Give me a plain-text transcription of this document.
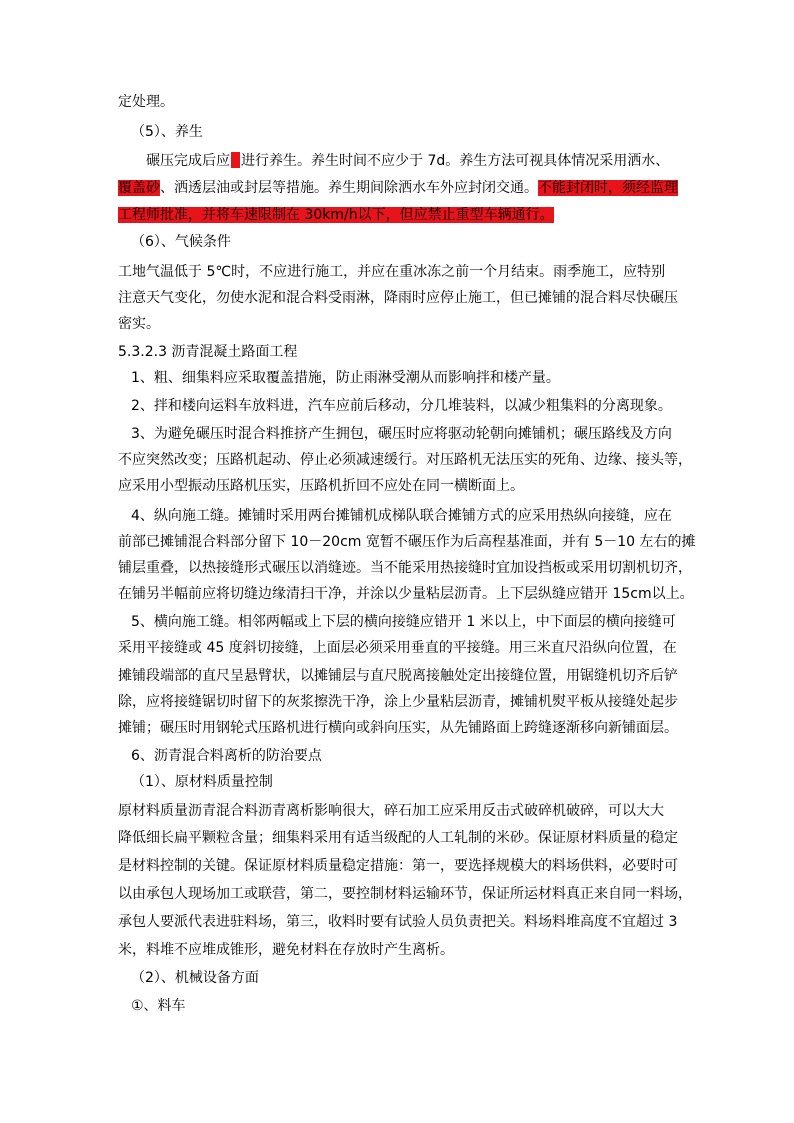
定处理。
（5）、养生
碾压完成后应 进行养生。养生时间不应少于 7d。养生方法可视具体情况采用洒水、
覆盖砂、洒透层油或封层等措施。养生期间除洒水车外应封闭交通。不能封闭时，须经监理
工程师批准，并将车速限制在 30km/h以下，但应禁止重型车辆通行。
（6）、气候条件
工地气温低于 5℃时，不应进行施工，并应在重冰冻之前一个月结束。雨季施工，应特别
注意天气变化，勿使水泥和混合料受雨淋，降雨时应停止施工，但已摊铺的混合料尽快碾压
密实。
5.3.2.3 沥青混凝土路面工程
1、粗、细集料应采取覆盖措施，防止雨淋受潮从而影响拌和楼产量。
2、拌和楼向运料车放料进，汽车应前后移动，分几堆装料，以减少粗集料的分离现象。
3、为避免碾压时混合料推挤产生拥包，碾压时应将驱动轮朝向摊铺机；碾压路线及方向
不应突然改变；压路机起动、停止必须减速缓行。对压路机无法压实的死角、边缘、接头等，
应采用小型振动压路机压实，压路机折回不应处在同一横断面上。
4、纵向施工缝。摊铺时采用两台摊铺机成梯队联合摊铺方式的应采用热纵向接缝，应在
前部已摊铺混合料部分留下 10－20cm 宽暂不碾压作为后高程基准面，并有 5－10 左右的摊
铺层重叠，以热接缝形式碾压以消缝迹。当不能采用热接缝时宜加设挡板或采用切割机切齐，
在铺另半幅前应将切缝边缘清扫干净，并涂以少量粘层沥青。上下层纵缝应错开 15cm以上。
5、横向施工缝。相邻两幅或上下层的横向接缝应错开 1 米以上，中下面层的横向接缝可
采用平接缝或 45 度斜切接缝，上面层必须采用垂直的平接缝。用三米直尺沿纵向位置，在
摊铺段端部的直尺呈悬臂状，以摊铺层与直尺脱离接触处定出接缝位置，用锯缝机切齐后铲
除，应将接缝锯切时留下的灰浆擦洗干净，涂上少量粘层沥青，摊铺机熨平板从接缝处起步
摊铺；碾压时用钢轮式压路机进行横向或斜向压实，从先铺路面上跨缝逐渐移向新铺面层。
6、沥青混合料离析的防治要点
（1）、原材料质量控制
原材料质量沥青混合料沥青离析影响很大，碎石加工应采用反击式破碎机破碎，可以大大
降低细长扁平颗粒含量；细集料采用有适当级配的人工轧制的米砂。保证原材料质量的稳定
是材料控制的关键。保证原材料质量稳定措施：第一，要选择规模大的料场供料，必要时可
以由承包人现场加工或联营，第二，要控制材料运输环节，保证所运材料真正来自同一料场，
承包人要派代表进驻料场，第三，收料时要有试验人员负责把关。料场料堆高度不宜超过 3
米，料堆不应堆成锥形，避免材料在存放时产生离析。
（2）、机械设备方面
①、料车
